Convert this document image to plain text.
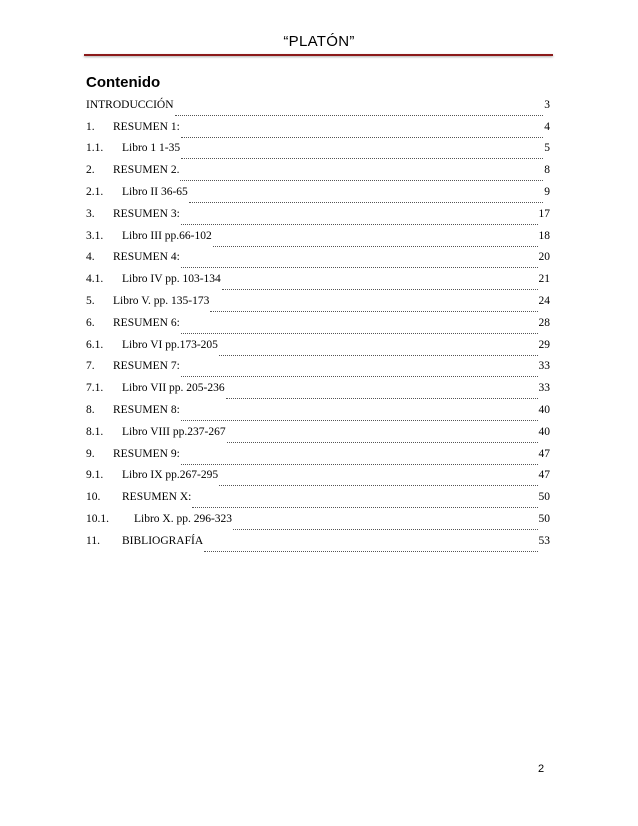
“PLATÓN”
Contenido
INTRODUCCIÓN	3
1.	RESUMEN 1:	4
1.1.	Libro 1 1-35	5
2.	RESUMEN 2.	8
2.1.	Libro II 36-65	9
3.	RESUMEN 3:	17
3.1.	Libro III pp.66-102	18
4.	RESUMEN 4:	20
4.1.	Libro IV pp. 103-134	21
5.	Libro V. pp. 135-173	24
6.	RESUMEN 6:	28
6.1.	Libro VI pp.173-205	29
7.	RESUMEN 7:	33
7.1.	Libro VII pp. 205-236	33
8.	RESUMEN 8:	40
8.1.	Libro VIII pp.237-267	40
9.	RESUMEN 9:	47
9.1.	Libro IX pp.267-295	47
10.	RESUMEN X:	50
10.1.	Libro X. pp. 296-323	50
11.	BIBLIOGRAFÍA	53
2
